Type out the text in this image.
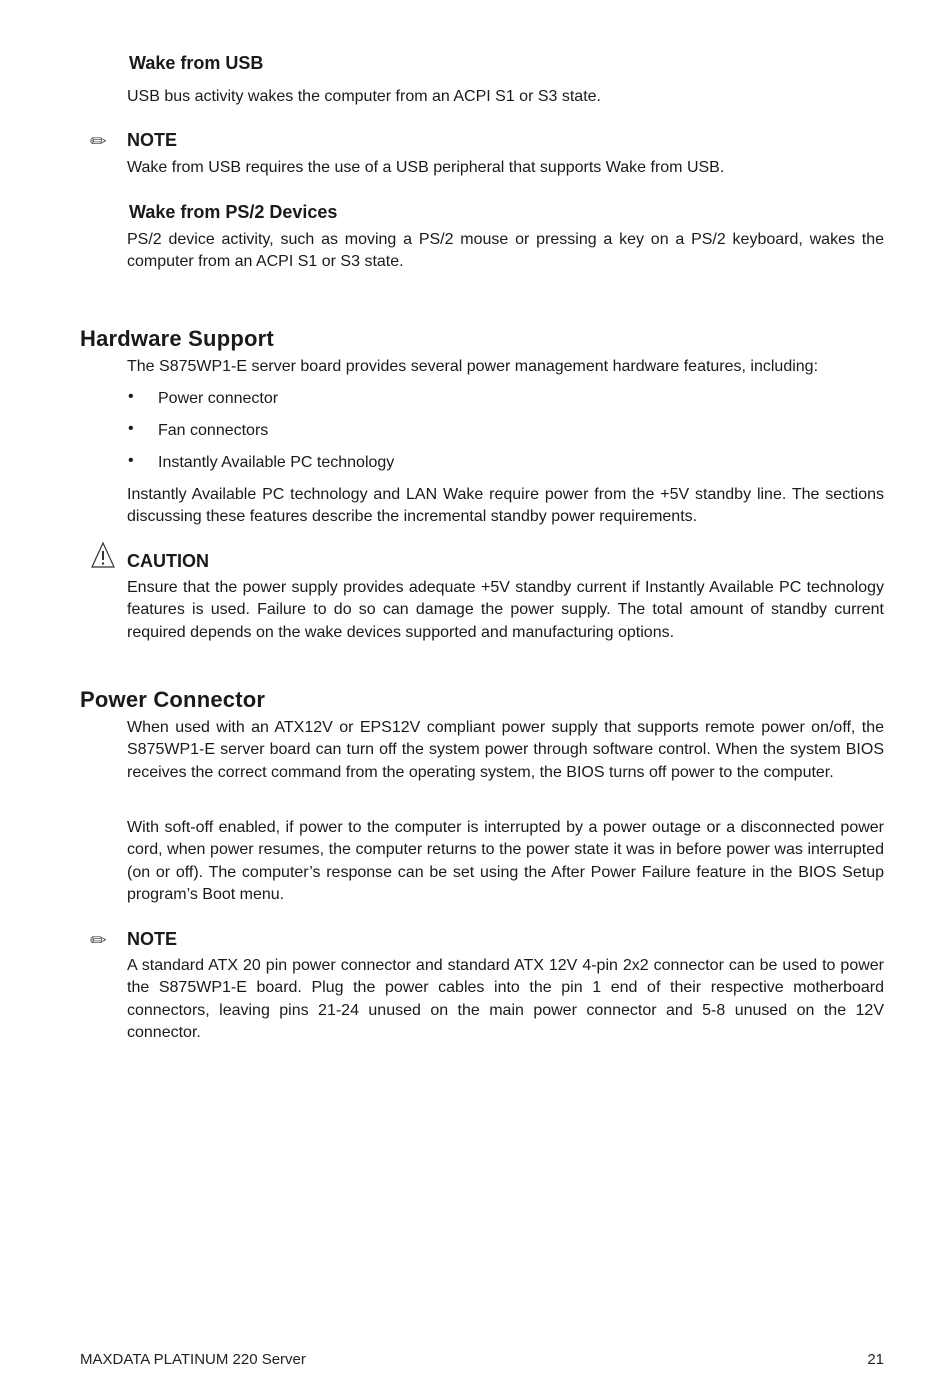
Wake from USB
USB bus activity wakes the computer from an ACPI S1 or S3 state.
✏ NOTE
Wake from USB requires the use of a USB peripheral that supports Wake from USB.
Wake from PS/2 Devices
PS/2 device activity, such as moving a PS/2 mouse or pressing a key on a PS/2 keyboard, wakes the computer from an ACPI S1 or S3 state.
Hardware Support
The S875WP1-E server board provides several power management hardware features, including:
• Power connector
• Fan connectors
• Instantly Available PC technology
Instantly Available PC technology and LAN Wake require power from the +5V standby line. The sections discussing these features describe the incremental standby power requirements.
CAUTION
Ensure that the power supply provides adequate +5V standby current if Instantly Available PC technology features is used. Failure to do so can damage the power supply. The total amount of standby current required depends on the wake devices supported and manufacturing options.
Power Connector
When used with an ATX12V or EPS12V compliant power supply that supports remote power on/off, the S875WP1-E server board can turn off the system power through software control. When the system BIOS receives the correct command from the operating system, the BIOS turns off power to the computer.
With soft-off enabled, if power to the computer is interrupted by a power outage or a disconnected power cord, when power resumes, the computer returns to the power state it was in before power was interrupted (on or off). The computer’s response can be set using the After Power Failure feature in the BIOS Setup program’s Boot menu.
✏ NOTE
A standard ATX 20 pin power connector and standard ATX 12V 4-pin 2x2 connector can be used to power the S875WP1-E board. Plug the power cables into the pin 1 end of their respective motherboard connectors, leaving pins 21-24 unused on the main power connector and 5-8 unused on the 12V connector.
MAXDATA PLATINUM 220 Server	21
